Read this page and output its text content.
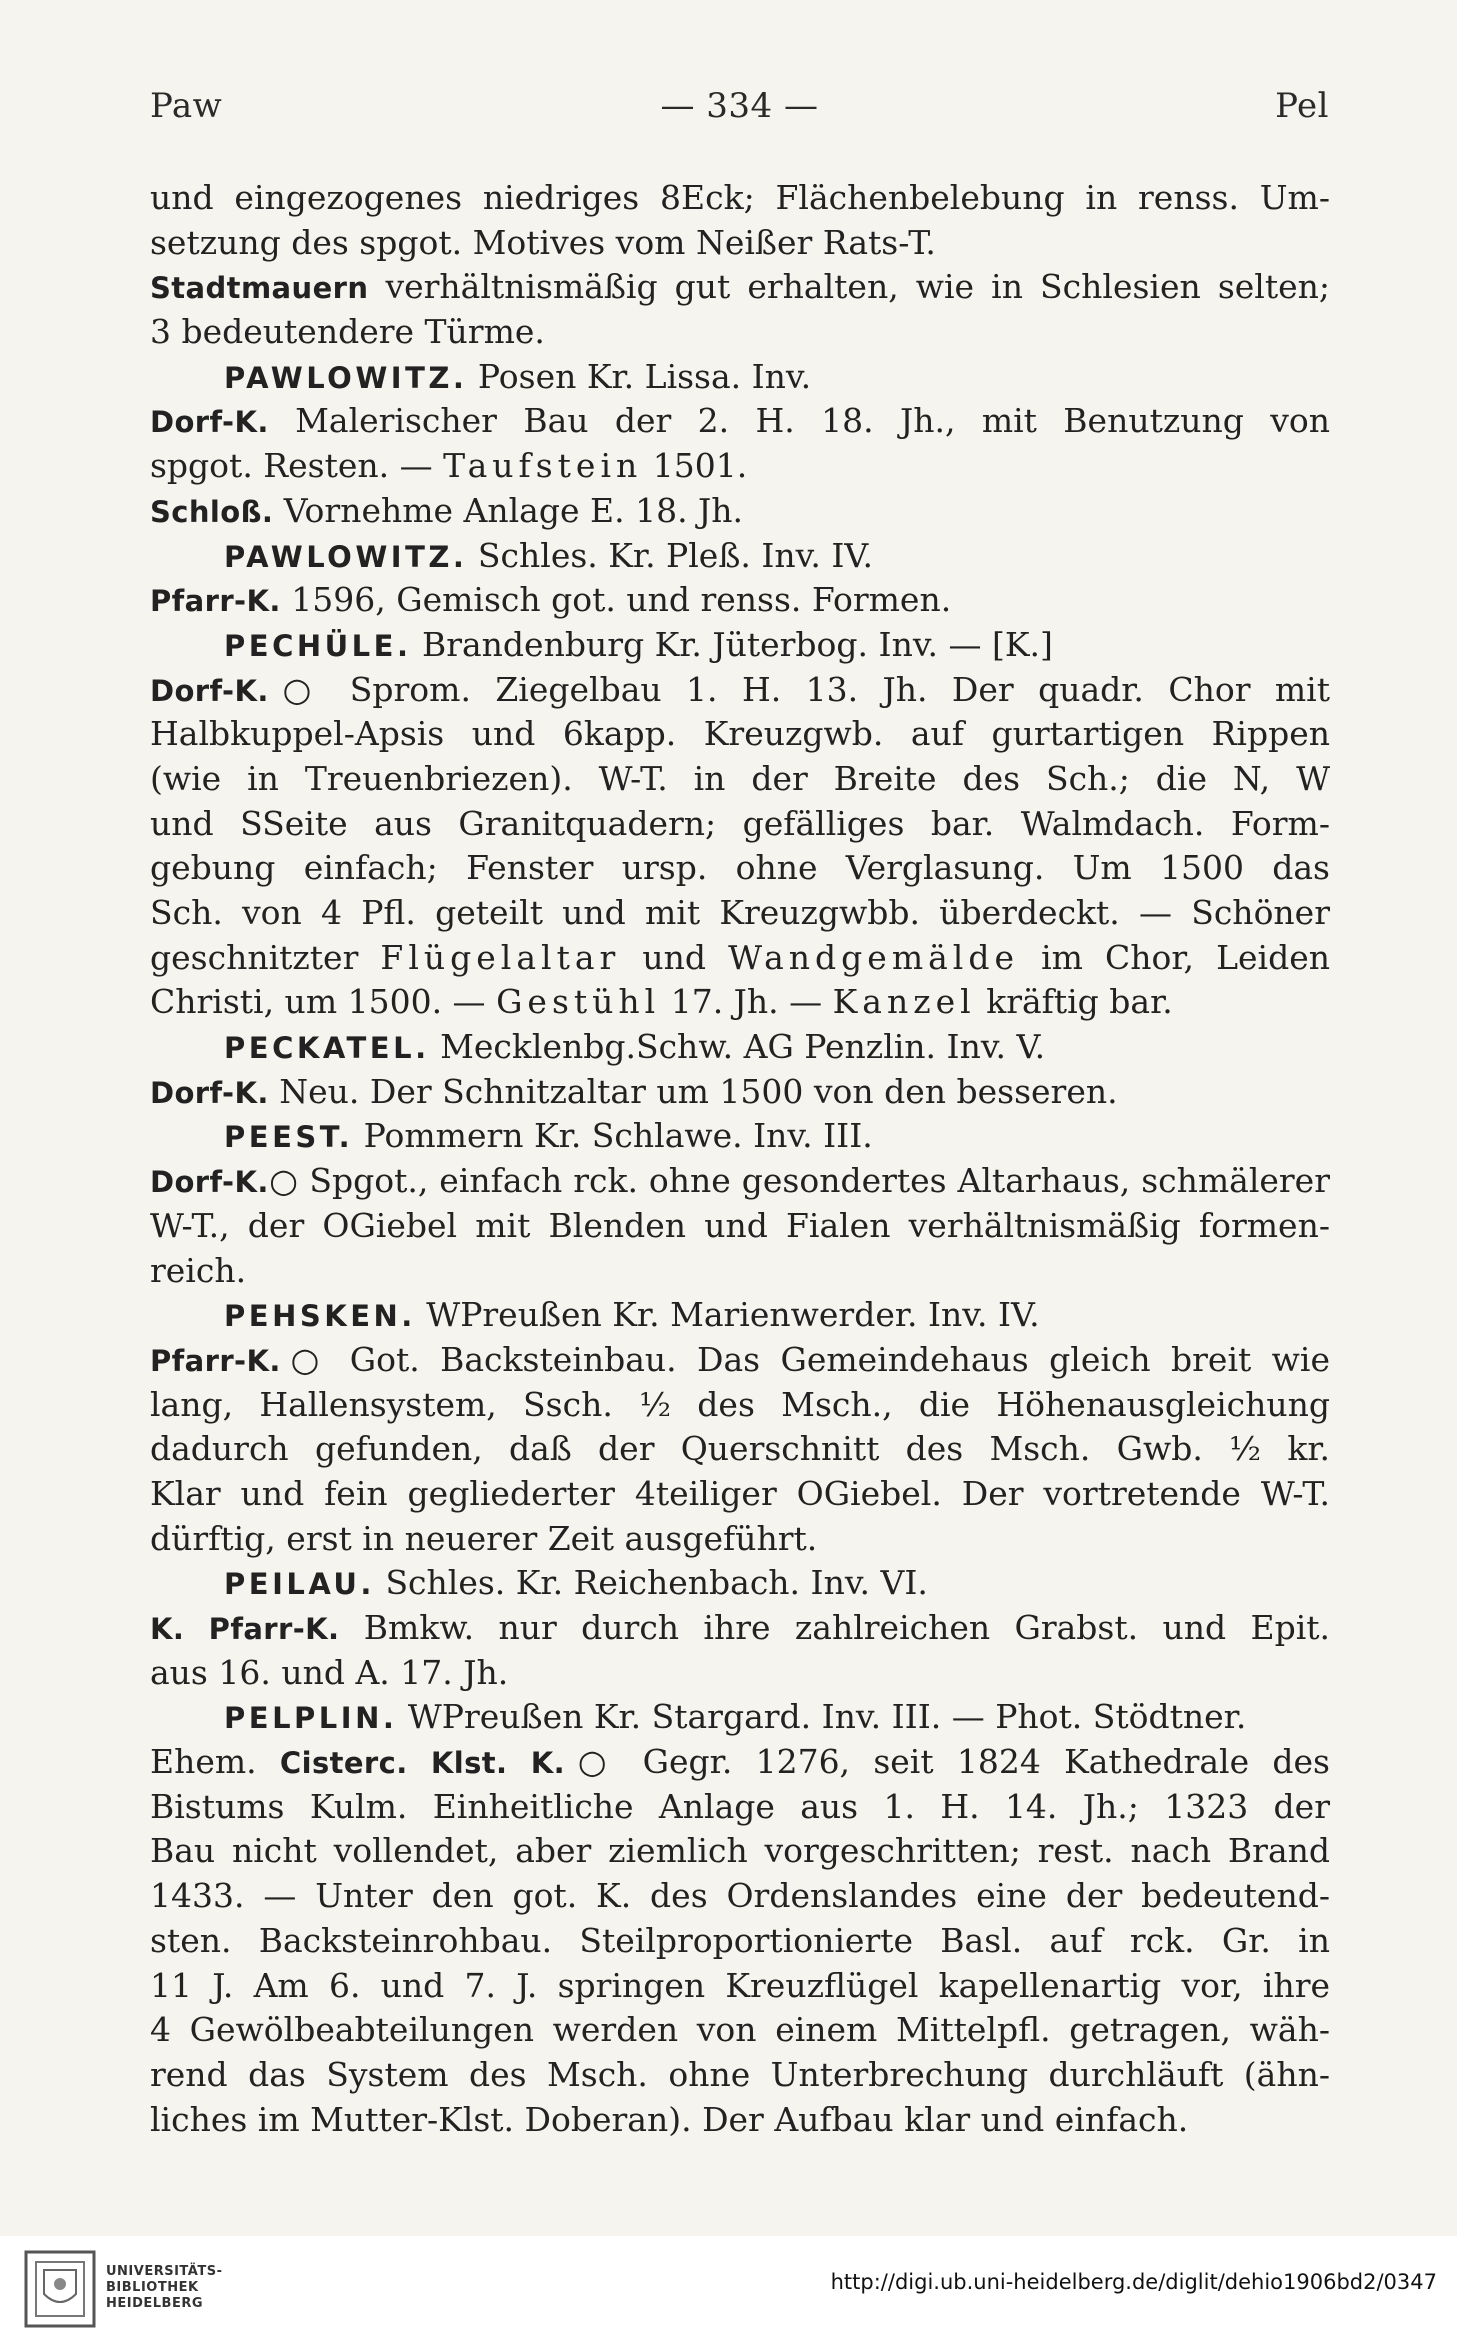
Paw	— 334 —	Pel
und eingezogenes niedriges 8Eck; Flächenbelebung in renss. Um-
setzung des spgot. Motives vom Neißer Rats-T.
Stadtmauern verhältnismäßig gut erhalten, wie in Schlesien selten;
3 bedeutendere Türme.
PAWLOWITZ. Posen Kr. Lissa. Inv.
Dorf-K. Malerischer Bau der 2. H. 18. Jh., mit Benutzung von
spgot. Resten. — Taufstein 1501.
Schloß. Vornehme Anlage E. 18. Jh.
PAWLOWITZ. Schles. Kr. Pleß. Inv. IV.
Pfarr-K. 1596, Gemisch got. und renss. Formen.
PECHÜLE. Brandenburg Kr. Jüterbog. Inv. — [K.]
Dorf-K.○ Sprom. Ziegelbau 1. H. 13. Jh. Der quadr. Chor mit
Halbkuppel-Apsis und 6kapp. Kreuzgwb. auf gurtartigen Rippen
(wie in Treuenbriezen). W-T. in der Breite des Sch.; die N, W
und SSeite aus Granitquadern; gefälliges bar. Walmdach. Form-
gebung einfach; Fenster ursp. ohne Verglasung. Um 1500 das
Sch. von 4 Pfl. geteilt und mit Kreuzgwbb. überdeckt. — Schöner
geschnitzter Flügelaltar und Wandgemälde im Chor, Leiden
Christi, um 1500. — Gestühl 17. Jh. — Kanzel kräftig bar.
PECKATEL. Mecklenbg.Schw. AG Penzlin. Inv. V.
Dorf-K. Neu. Der Schnitzaltar um 1500 von den besseren.
PEEST. Pommern Kr. Schlawe. Inv. III.
Dorf-K.○ Spgot., einfach rck. ohne gesondertes Altarhaus, schmälerer
W-T., der OGiebel mit Blenden und Fialen verhältnismäßig formen-
reich.
PEHSKEN. WPreußen Kr. Marienwerder. Inv. IV.
Pfarr-K.○ Got. Backsteinbau. Das Gemeindehaus gleich breit wie
lang, Hallensystem, Ssch. ½ des Msch., die Höhenausgleichung
dadurch gefunden, daß der Querschnitt des Msch. Gwb. ½ kr.
Klar und fein gegliederter 4teiliger OGiebel. Der vortretende W-T.
dürftig, erst in neuerer Zeit ausgeführt.
PEILAU. Schles. Kr. Reichenbach. Inv. VI.
K. Pfarr-K. Bmkw. nur durch ihre zahlreichen Grabst. und Epit.
aus 16. und A. 17. Jh.
PELPLIN. WPreußen Kr. Stargard. Inv. III. — Phot. Stödtner.
Ehem. Cisterc. Klst. K.○ Gegr. 1276, seit 1824 Kathedrale des
Bistums Kulm. Einheitliche Anlage aus 1. H. 14. Jh.; 1323 der
Bau nicht vollendet, aber ziemlich vorgeschritten; rest. nach Brand
1433. — Unter den got. K. des Ordenslandes eine der bedeutend-
sten. Backsteinrohbau. Steilproportionierte Basl. auf rck. Gr. in
11 J. Am 6. und 7. J. springen Kreuzflügel kapellenartig vor, ihre
4 Gewölbeabteilungen werden von einem Mittelpfl. getragen, wäh-
rend das System des Msch. ohne Unterbrechung durchläuft (ähn-
liches im Mutter-Klst. Doberan). Der Aufbau klar und einfach.
UNIVERSITÄTS-
BIBLIOTHEK
HEIDELBERG
http://digi.ub.uni-heidelberg.de/diglit/dehio1906bd2/0347
